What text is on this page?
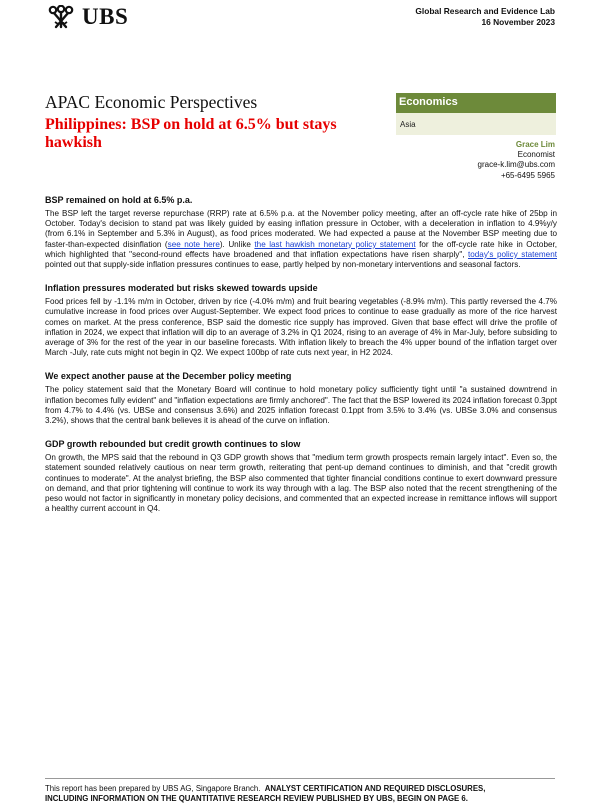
UBS	Global Research and Evidence Lab
16 November 2023
APAC Economic Perspectives
Philippines: BSP on hold at 6.5% but stays hawkish
Economics
Asia
Grace Lim
Economist
grace-k.lim@ubs.com
+65-6495 5965
BSP remained on hold at 6.5% p.a.

The BSP left the target reverse repurchase (RRP) rate at 6.5% p.a. at the November policy meeting, after an off-cycle rate hike of 25bp in October. Today's decision to stand pat was likely guided by easing inflation pressure in October, with a deceleration in inflation to 4.9%y/y (from 6.1% in September and 5.3% in August), as food prices moderated. We had expected a pause at the November BSP meeting due to faster-than-expected disinflation (see note here). Unlike the last hawkish monetary policy statement for the off-cycle rate hike in October, which highlighted that "second-round effects have broadened and that inflation expectations have risen sharply", today's policy statement pointed out that supply-side inflation pressures continues to ease, partly helped by non-monetary interventions and seasonal factors.

Inflation pressures moderated but risks skewed towards upside

Food prices fell by -1.1% m/m in October, driven by rice (-4.0% m/m) and fruit bearing vegetables (-8.9% m/m). This partly reversed the 4.7% cumulative increase in food prices over August-September. We expect food prices to continue to ease gradually as more of the rice harvest comes on market. At the press conference, BSP said the domestic rice supply has improved. Given that base effect will drive the profile of inflation in 2024, we expect that inflation will dip to an average of 3.2% in Q1 2024, rising to an average of 4% in Mar-July, before subsiding to average of 3% for the rest of the year in our baseline forecasts. With inflation likely to breach the 4% upper bound of the inflation target over March -July, rate cuts might not begin in Q2. We expect 100bp of rate cuts next year, in H2 2024.

We expect another pause at the December policy meeting

The policy statement said that the Monetary Board will continue to hold monetary policy sufficiently tight until "a sustained downtrend in inflation becomes fully evident" and "inflation expectations are firmly anchored". The fact that the BSP lowered its 2024 inflation forecast 0.3ppt from 4.7% to 4.4% (vs. UBSe and consensus 3.6%) and 2025 inflation forecast 0.1ppt from 3.5% to 3.4% (vs. UBSe 3.0% and consensus 3.2%), shows that the central bank believes it is ahead of the curve on inflation.

GDP growth rebounded but credit growth continues to slow

On growth, the MPS said that the rebound in Q3 GDP growth shows that "medium term growth prospects remain largely intact". Even so, the statement sounded relatively cautious on near term growth, reiterating that pent-up demand continues to diminish, and that "credit growth continues to moderate". At the analyst briefing, the BSP also commented that tighter financial conditions continue to exert downward pressure on demand, and that prior tightening will continue to work its way through with a lag. The BSP also noted that the recent strengthening of the peso would not factor in significantly in monetary policy decisions, and commented that an expected increase in remittance inflows will support a healthy current account in Q4.

This report has been prepared by UBS AG, Singapore Branch. ANALYST CERTIFICATION AND REQUIRED DISCLOSURES,
INCLUDING INFORMATION ON THE QUANTITATIVE RESEARCH REVIEW PUBLISHED BY UBS, BEGIN ON PAGE 6.
